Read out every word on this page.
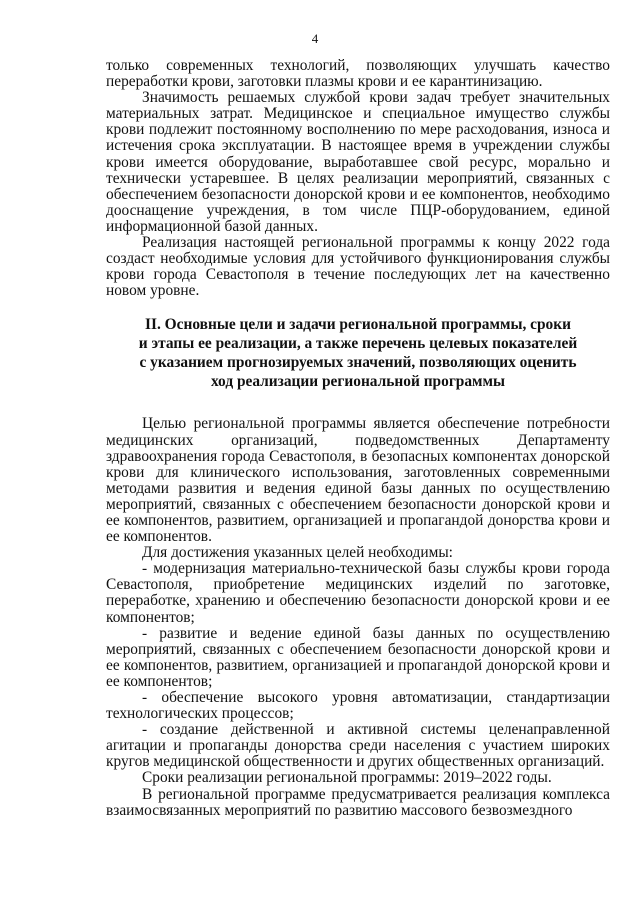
4

только современных технологий, позволяющих улучшать качество переработки крови, заготовки плазмы крови и ее карантинизацию.

Значимость решаемых службой крови задач требует значительных материальных затрат. Медицинское и специальное имущество службы крови подлежит постоянному восполнению по мере расходования, износа и истечения срока эксплуатации. В настоящее время в учреждении службы крови имеется оборудование, выработавшее свой ресурс, морально и технически устаревшее. В целях реализации мероприятий, связанных с обеспечением безопасности донорской крови и ее компонентов, необходимо дооснащение учреждения, в том числе ПЦР-оборудованием, единой информационной базой данных.

Реализация настоящей региональной программы к концу 2022 года создаст необходимые условия для устойчивого функционирования службы крови города Севастополя в течение последующих лет на качественно новом уровне.

II. Основные цели и задачи региональной программы, сроки
и этапы ее реализации, а также перечень целевых показателей
с указанием прогнозируемых значений, позволяющих оценить
ход реализации региональной программы

Целью региональной программы является обеспечение потребности медицинских организаций, подведомственных Департаменту здравоохранения города Севастополя, в безопасных компонентах донорской крови для клинического использования, заготовленных современными методами развития и ведения единой базы данных по осуществлению мероприятий, связанных с обеспечением безопасности донорской крови и ее компонентов, развитием, организацией и пропагандой донорства крови и ее компонентов.

Для достижения указанных целей необходимы:

- модернизация материально-технической базы службы крови города Севастополя, приобретение медицинских изделий по заготовке, переработке, хранению и обеспечению безопасности донорской крови и ее компонентов;

- развитие и ведение единой базы данных по осуществлению мероприятий, связанных с обеспечением безопасности донорской крови и ее компонентов, развитием, организацией и пропагандой донорской крови и ее компонентов;

- обеспечение высокого уровня автоматизации, стандартизации технологических процессов;

- создание действенной и активной системы целенаправленной агитации и пропаганды донорства среди населения с участием широких кругов медицинской общественности и других общественных организаций.

Сроки реализации региональной программы: 2019–2022 годы.

В региональной программе предусматривается реализация комплекса взаимосвязанных мероприятий по развитию массового безвозмездного
